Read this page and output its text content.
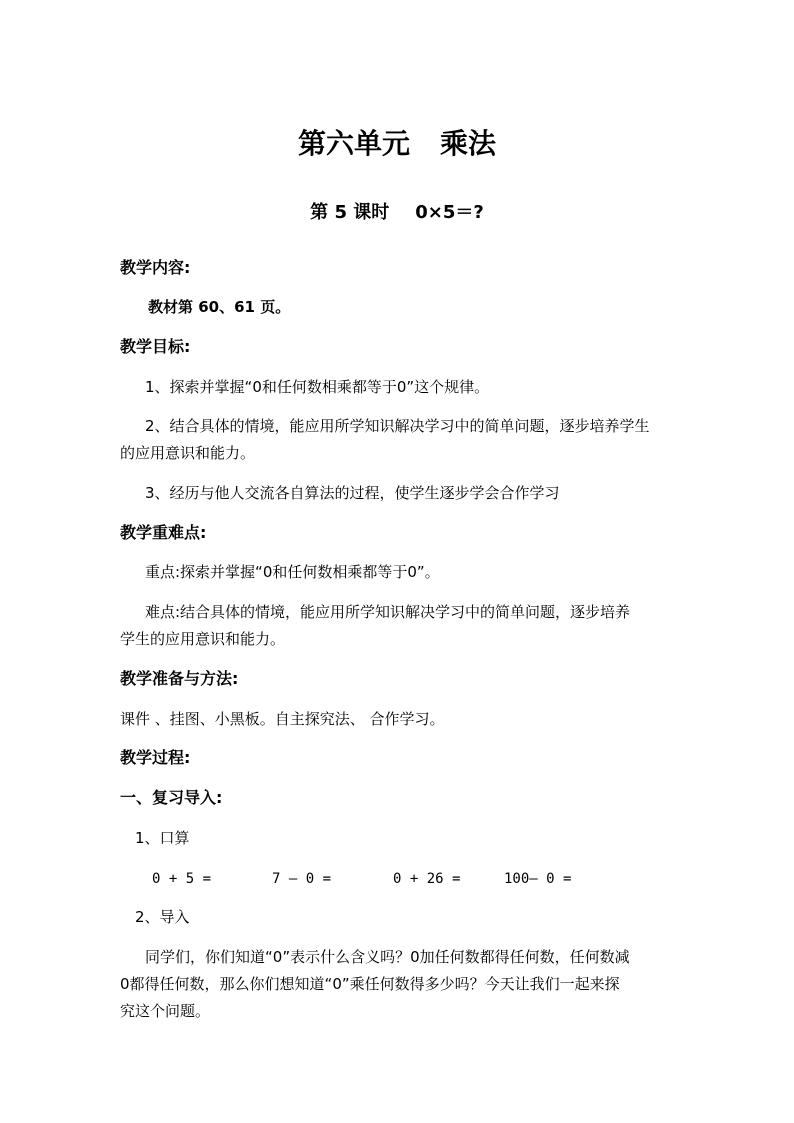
第六单元 乘法
第 5 课时 0×5＝?
教学内容:
教材第 60、61 页。
教学目标:
1、探索并掌握“0和任何数相乘都等于0”这个规律。
2、结合具体的情境，能应用所学知识解决学习中的简单问题，逐步培养学生
的应用意识和能力。
3、经历与他人交流各自算法的过程，使学生逐步学会合作学习
教学重难点:
重点:探索并掌握“0和任何数相乘都等于0”。
难点:结合具体的情境，能应用所学知识解决学习中的简单问题，逐步培养
学生的应用意识和能力。
教学准备与方法:
课件 、挂图、小黑板。自主探究法、 合作学习。
教学过程:
一、复习导入:
1、口算
0 + 5 =	7 — 0 =	0 + 26 =	100— 0 =
2、导入
同学们，你们知道“0”表示什么含义吗？0加任何数都得任何数，任何数减
0都得任何数，那么你们想知道“0”乘任何数得多少吗？今天让我们一起来探
究这个问题。
